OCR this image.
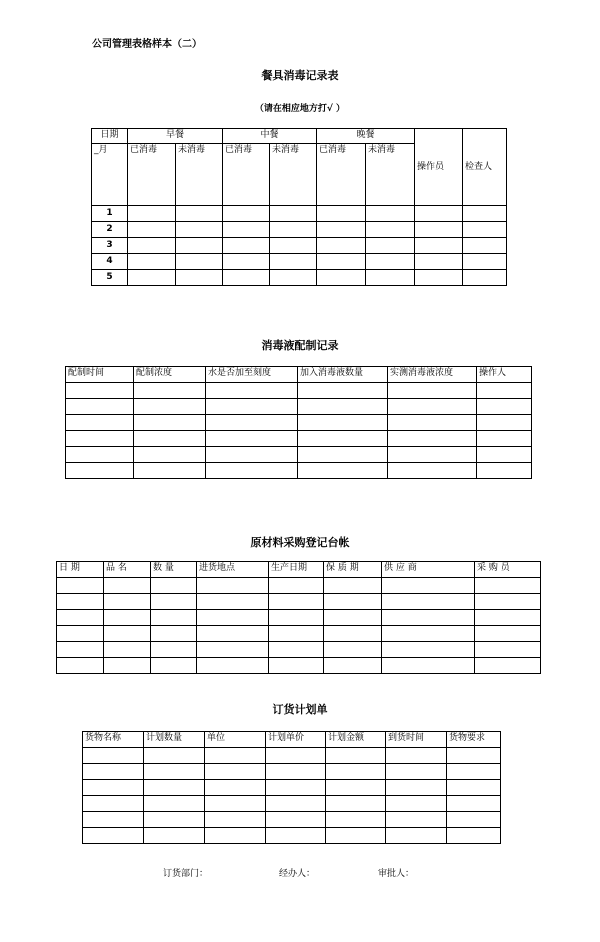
公司管理表格样本（二）
餐具消毒记录表
（请在相应地方打√ ）
日期	早餐		中餐		晚餐		操作员	检查人
_月	已消毒	未消毒	已消毒	未消毒	已消毒	未消毒		
1								
2								
3								
4								
5								
消毒液配制记录
配制时间	配制浓度	水是否加至刻度	加入消毒液数量	实测消毒液浓度	操作人

原材料采购登记台帐
日 期	品 名	数 量	进货地点	生产日期	保 质 期	供 应 商	采 购 员

订货计划单
货物名称	计划数量	单位	计划单价	计划金额	到货时间	货物要求

订货部门：	经办人：	审批人：
